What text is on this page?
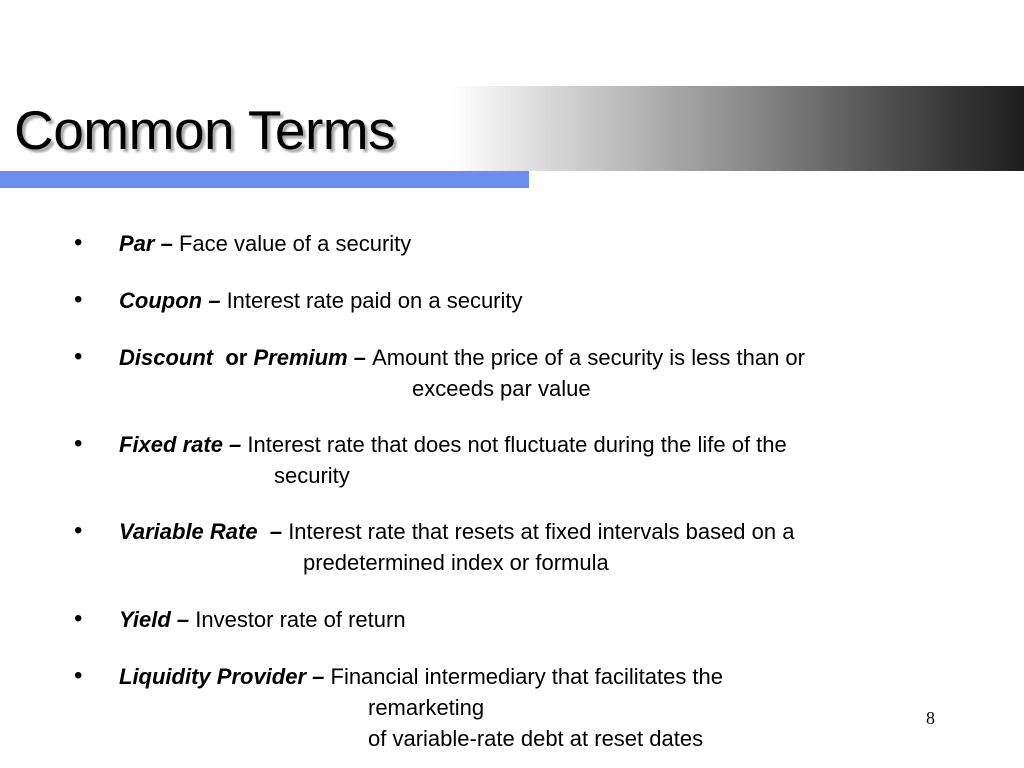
Common Terms
•	Par – Face value of a security
•	Coupon – Interest rate paid on a security
•	Discount or Premium – Amount the price of a security is less than or
exceeds par value
•	Fixed rate – Interest rate that does not fluctuate during the life of the
security
•	Variable Rate  – Interest rate that resets at fixed intervals based on a
predetermined index or formula
•	Yield – Investor rate of return
•	Liquidity Provider – Financial intermediary that facilitates the
remarketing
of variable-rate debt at reset dates
8
